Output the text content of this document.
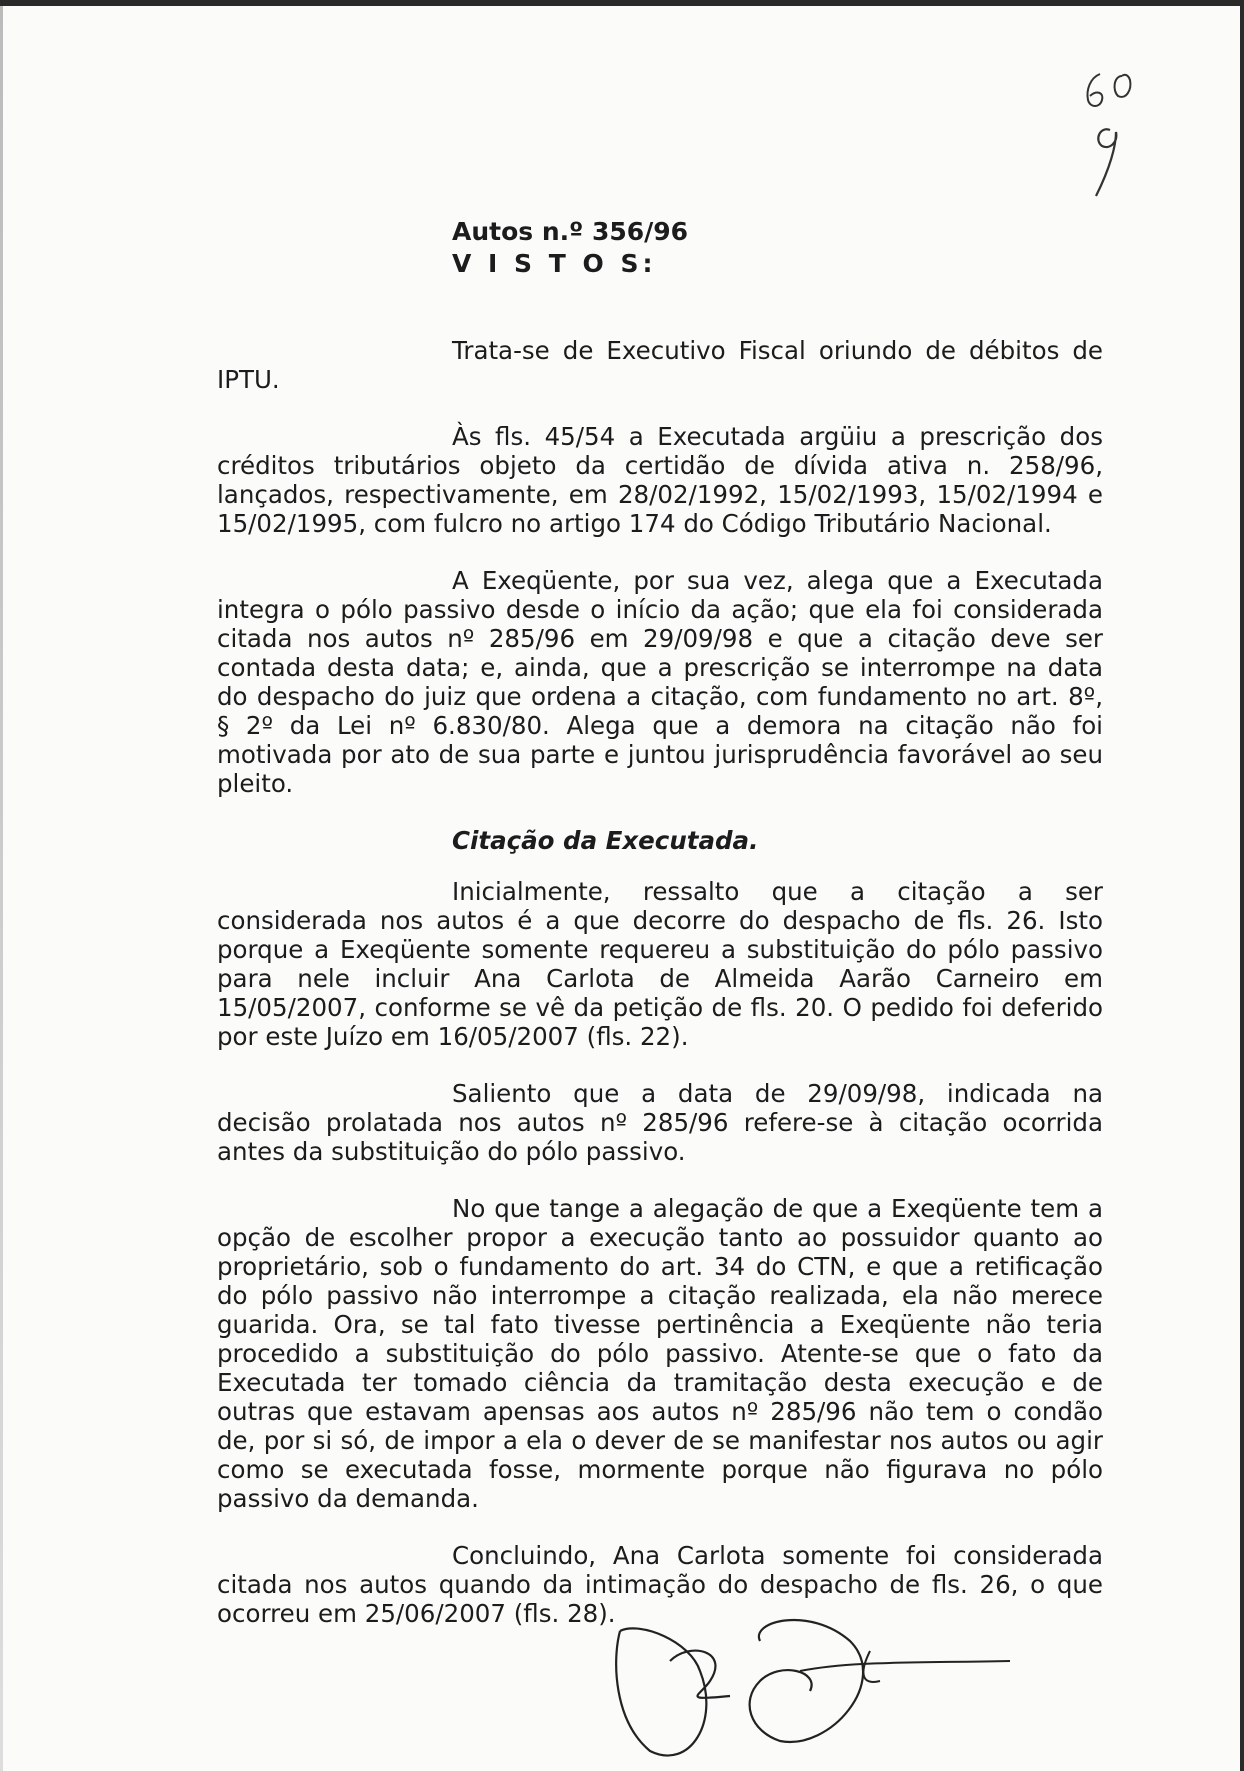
Autos n.º 356/96
V I S T O S:

Trata-se de Executivo Fiscal oriundo de débitos de IPTU.

Às fls. 45/54 a Executada argüiu a prescrição dos créditos tributários objeto da certidão de dívida ativa n. 258/96, lançados, respectivamente, em 28/02/1992, 15/02/1993, 15/02/1994 e 15/02/1995, com fulcro no artigo 174 do Código Tributário Nacional.

A Exeqüente, por sua vez, alega que a Executada integra o pólo passivo desde o início da ação; que ela foi considerada citada nos autos nº 285/96 em 29/09/98 e que a citação deve ser contada desta data; e, ainda, que a prescrição se interrompe na data do despacho do juiz que ordena a citação, com fundamento no art. 8º, § 2º da Lei nº 6.830/80. Alega que a demora na citação não foi motivada por ato de sua parte e juntou jurisprudência favorável ao seu pleito.

Citação da Executada.

Inicialmente, ressalto que a citação a ser considerada nos autos é a que decorre do despacho de fls. 26. Isto porque a Exeqüente somente requereu a substituição do pólo passivo para nele incluir Ana Carlota de Almeida Aarão Carneiro em 15/05/2007, conforme se vê da petição de fls. 20. O pedido foi deferido por este Juízo em 16/05/2007 (fls. 22).

Saliento que a data de 29/09/98, indicada na decisão prolatada nos autos nº 285/96 refere-se à citação ocorrida antes da substituição do pólo passivo.

No que tange a alegação de que a Exeqüente tem a opção de escolher propor a execução tanto ao possuidor quanto ao proprietário, sob o fundamento do art. 34 do CTN, e que a retificação do pólo passivo não interrompe a citação realizada, ela não merece guarida. Ora, se tal fato tivesse pertinência a Exeqüente não teria procedido a substituição do pólo passivo. Atente-se que o fato da Executada ter tomado ciência da tramitação desta execução e de outras que estavam apensas aos autos nº 285/96 não tem o condão de, por si só, de impor a ela o dever de se manifestar nos autos ou agir como se executada fosse, mormente porque não figurava no pólo passivo da demanda.

Concluindo, Ana Carlota somente foi considerada citada nos autos quando da intimação do despacho de fls. 26, o que ocorreu em 25/06/2007 (fls. 28).
